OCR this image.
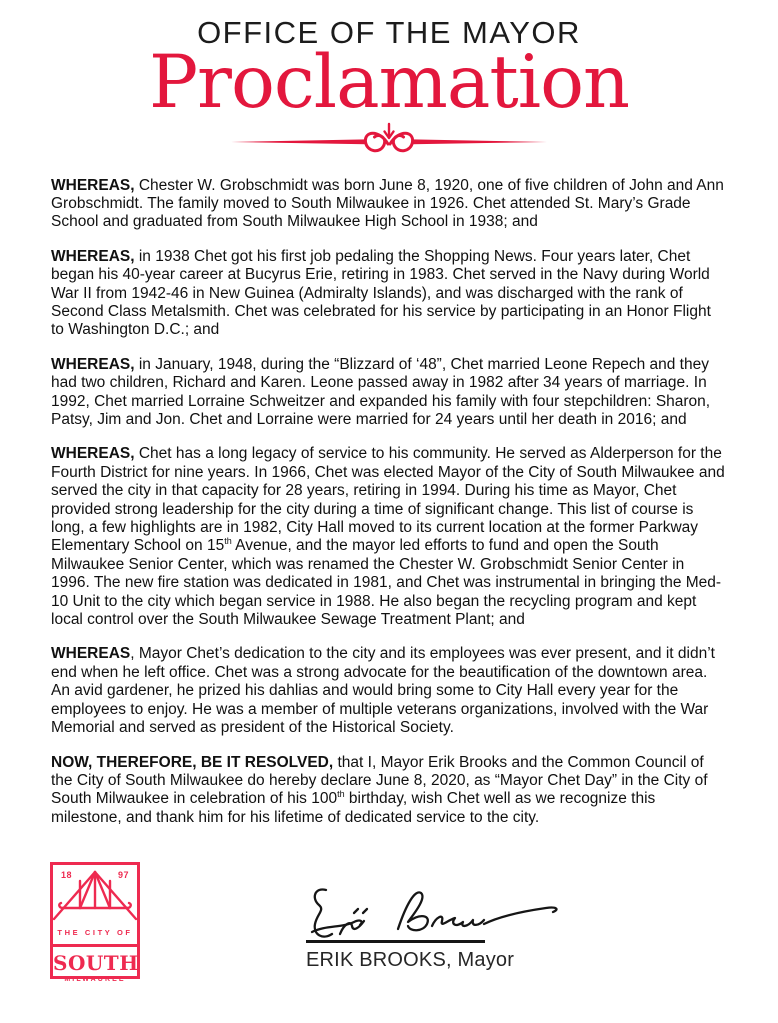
OFFICE OF THE MAYOR
Proclamation

WHEREAS, Chester W. Grobschmidt was born June 8, 1920, one of five children of John and Ann Grobschmidt. The family moved to South Milwaukee in 1926. Chet attended St. Mary’s Grade School and graduated from South Milwaukee High School in 1938; and

WHEREAS, in 1938 Chet got his first job pedaling the Shopping News. Four years later, Chet began his 40-year career at Bucyrus Erie, retiring in 1983. Chet served in the Navy during World War II from 1942-46 in New Guinea (Admiralty Islands), and was discharged with the rank of Second Class Metalsmith. Chet was celebrated for his service by participating in an Honor Flight to Washington D.C.; and

WHEREAS, in January, 1948, during the “Blizzard of ‘48”, Chet married Leone Repech and they had two children, Richard and Karen. Leone passed away in 1982 after 34 years of marriage. In 1992, Chet married Lorraine Schweitzer and expanded his family with four stepchildren: Sharon, Patsy, Jim and Jon. Chet and Lorraine were married for 24 years until her death in 2016; and

WHEREAS, Chet has a long legacy of service to his community. He served as Alderperson for the Fourth District for nine years. In 1966, Chet was elected Mayor of the City of South Milwaukee and served the city in that capacity for 28 years, retiring in 1994. During his time as Mayor, Chet provided strong leadership for the city during a time of significant change. This list of course is long, a few highlights are in 1982, City Hall moved to its current location at the former Parkway Elementary School on 15th Avenue, and the mayor led efforts to fund and open the South Milwaukee Senior Center, which was renamed the Chester W. Grobschmidt Senior Center in 1996. The new fire station was dedicated in 1981, and Chet was instrumental in bringing the Med-10 Unit to the city which began service in 1988. He also began the recycling program and kept local control over the South Milwaukee Sewage Treatment Plant; and

WHEREAS, Mayor Chet’s dedication to the city and its employees was ever present, and it didn’t end when he left office. Chet was a strong advocate for the beautification of the downtown area. An avid gardener, he prized his dahlias and would bring some to City Hall every year for the employees to enjoy. He was a member of multiple veterans organizations, involved with the War Memorial and served as president of the Historical Society.

NOW, THEREFORE, BE IT RESOLVED, that I, Mayor Erik Brooks and the Common Council of the City of South Milwaukee do hereby declare June 8, 2020, as “Mayor Chet Day” in the City of South Milwaukee in celebration of his 100th birthday, wish Chet well as we recognize this milestone, and thank him for his lifetime of dedicated service to the city.

18	97
THE CITY OF
SOUTH
MILWAUKEE
ERIK BROOKS, Mayor
